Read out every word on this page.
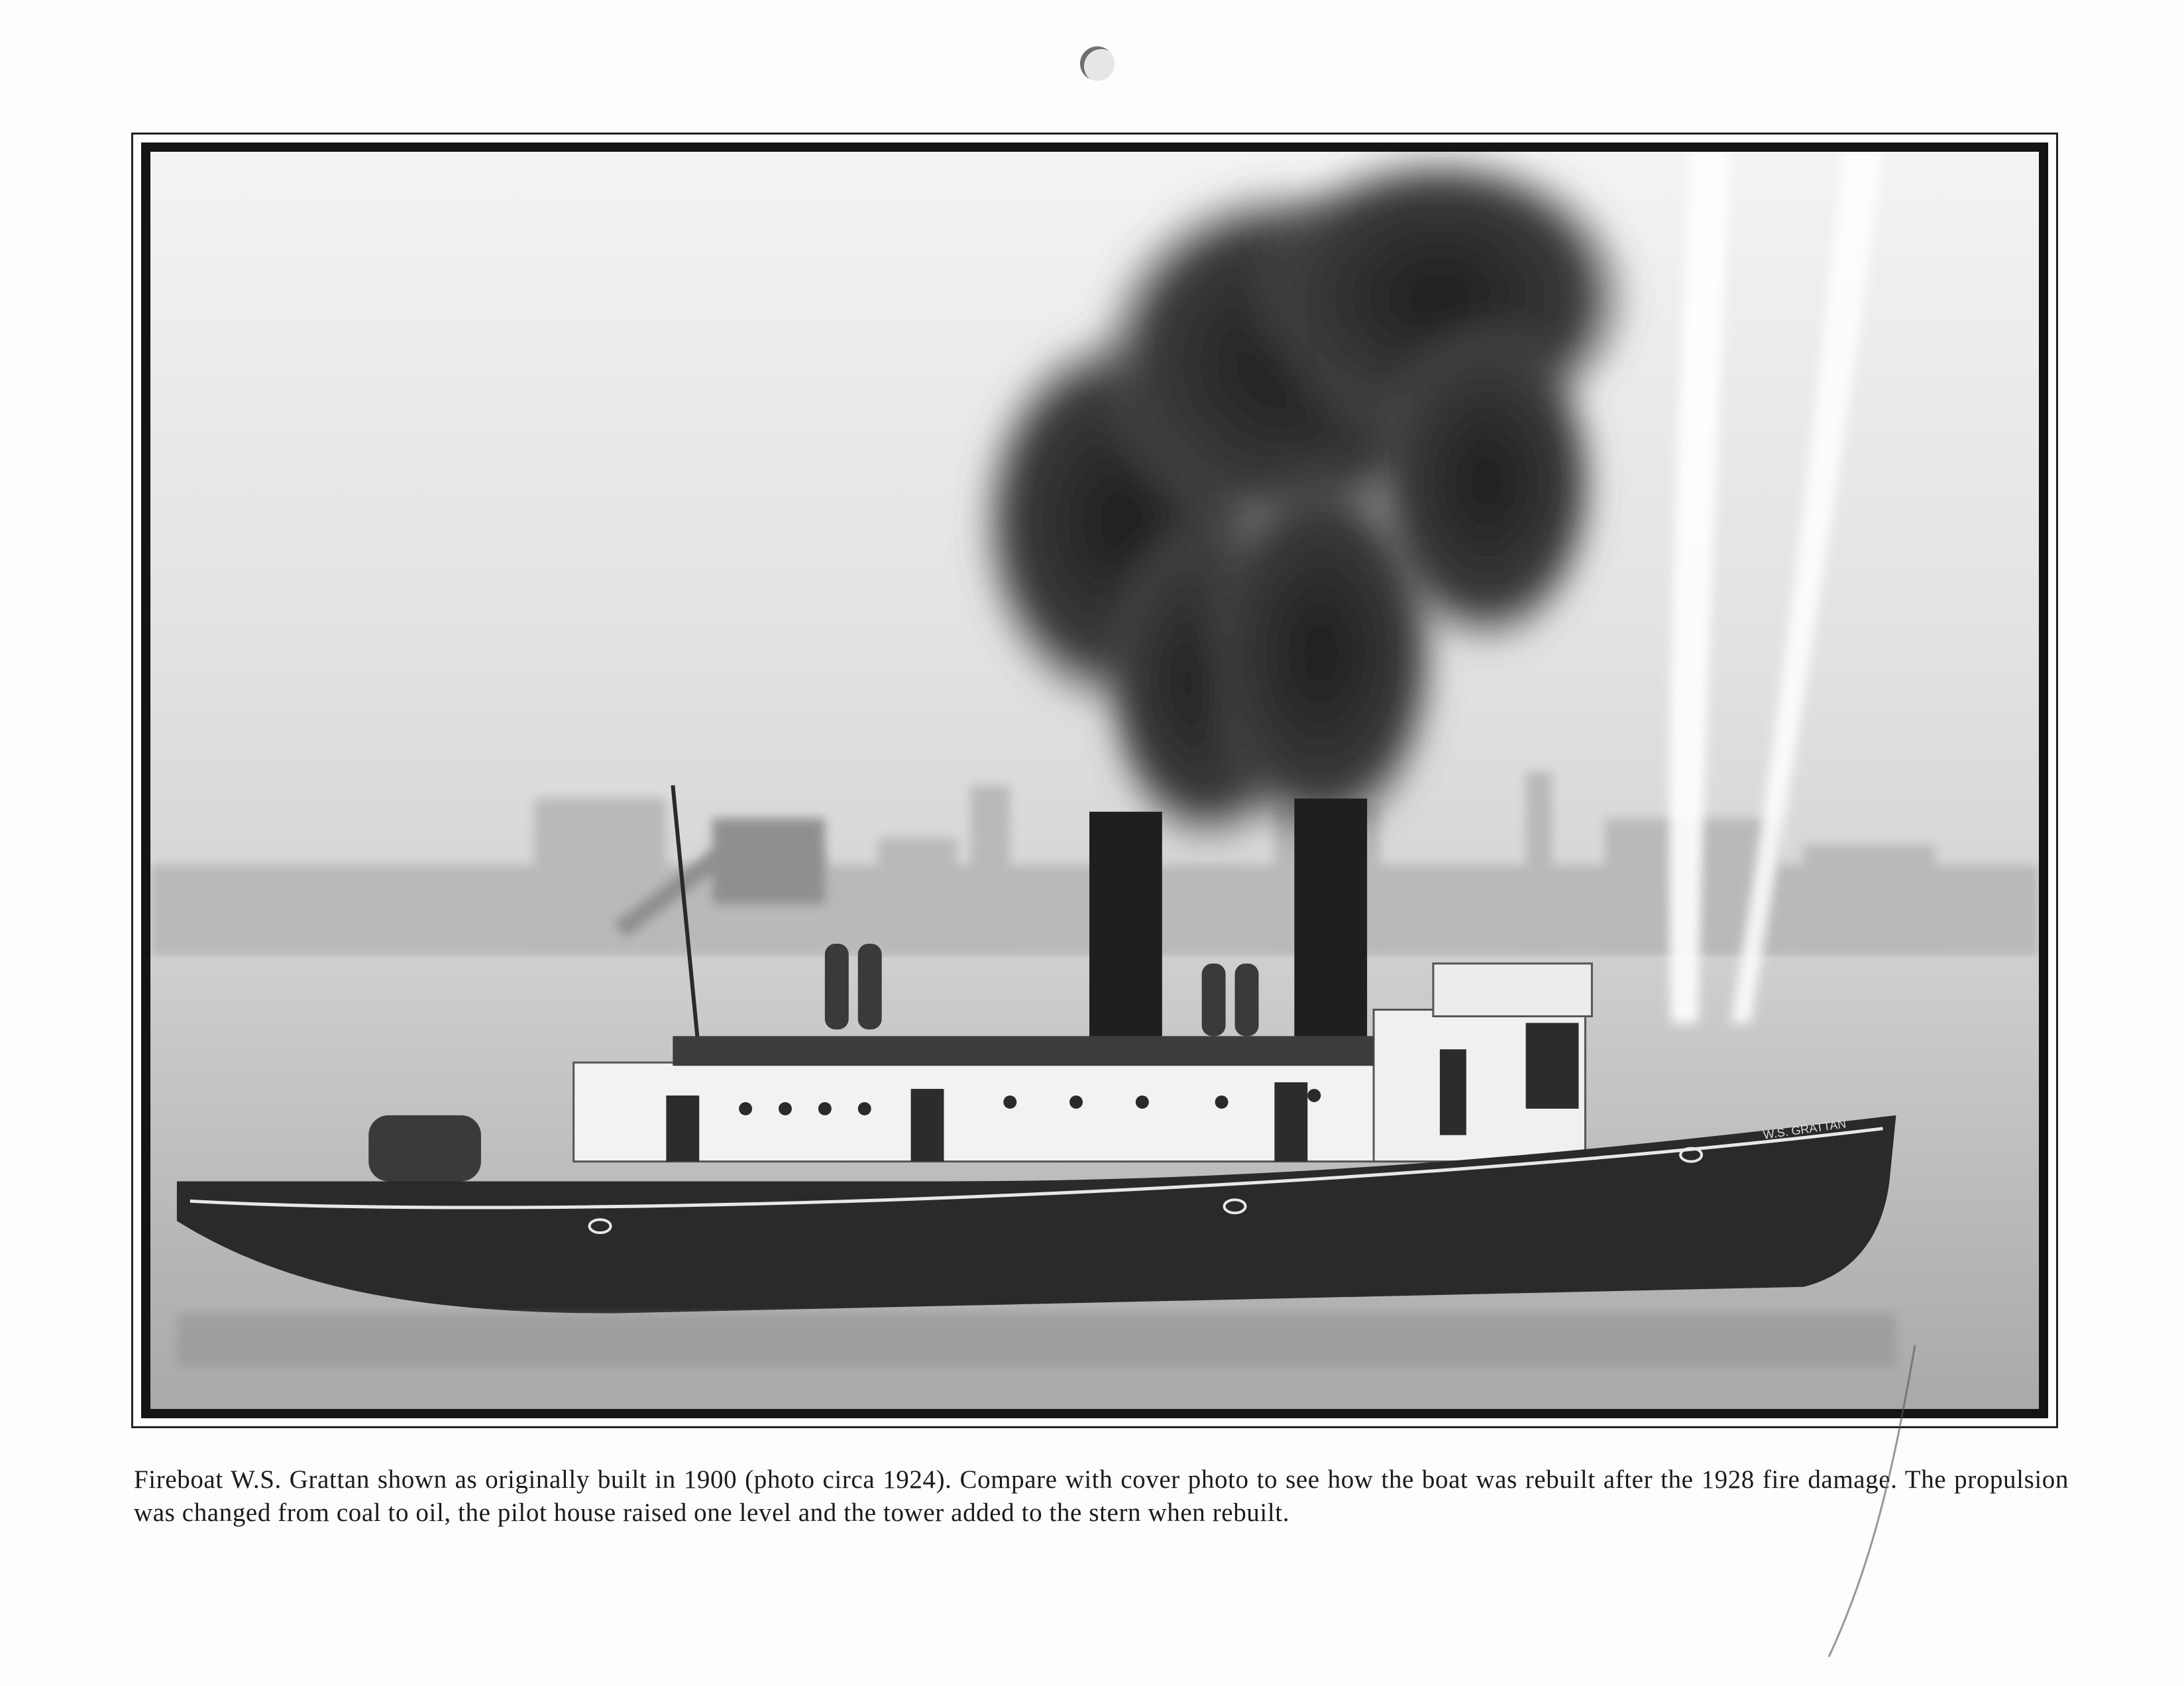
W.S. GRATTAN
Fireboat W.S. Grattan shown as originally built in 1900 (photo circa 1924). Compare with cover photo to see how the boat was rebuilt after the 1928 fire damage. The propulsion was changed from coal to oil, the pilot house raised one level and the tower added to the stern when rebuilt.
